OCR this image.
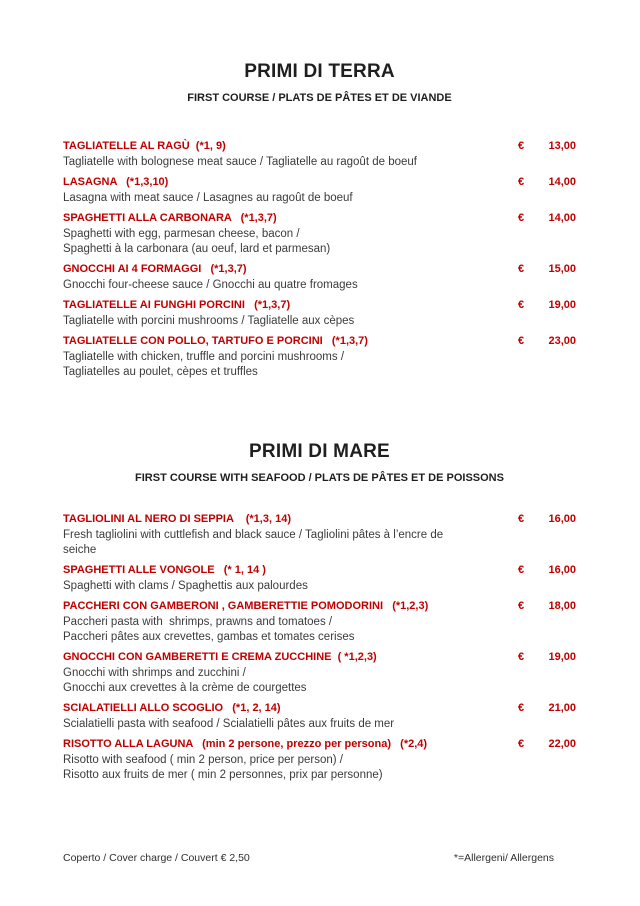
PRIMI DI TERRA
FIRST COURSE / PLATS DE PÂTES ET DE VIANDE
TAGLIATELLE AL RAGÙ  (*1, 9)	€ 13,00
Tagliatelle with bolognese meat sauce / Tagliatelle au ragoût de boeuf
LASAGNA   (*1,3,10)	€ 14,00
Lasagna with meat sauce / Lasagnes au ragoût de boeuf
SPAGHETTI ALLA CARBONARA   (*1,3,7)	€ 14,00
Spaghetti with egg, parmesan cheese, bacon /
Spaghetti à la carbonara (au oeuf, lard et parmesan)
GNOCCHI AI 4 FORMAGGI   (*1,3,7)	€ 15,00
Gnocchi four-cheese sauce / Gnocchi au quatre fromages
TAGLIATELLE AI FUNGHI PORCINI   (*1,3,7)	€ 19,00
Tagliatelle with porcini mushrooms / Tagliatelle aux cèpes
TAGLIATELLE CON POLLO, TARTUFO E PORCINI   (*1,3,7)	€ 23,00
Tagliatelle with chicken, truffle and porcini mushrooms /
Tagliatelles au poulet, cèpes et truffles
PRIMI DI MARE
FIRST COURSE WITH SEAFOOD / PLATS DE PÂTES ET DE POISSONS
TAGLIOLINI AL NERO DI SEPPIA    (*1,3, 14)	€ 16,00
Fresh tagliolini with cuttlefish and black sauce / Tagliolini pâtes à l’encre de
seiche
SPAGHETTI ALLE VONGOLE   (* 1, 14 )	€ 16,00
Spaghetti with clams / Spaghettis aux palourdes
PACCHERI CON GAMBERONI , GAMBERETTIE POMODORINI   (*1,2,3)	€ 18,00
Paccheri pasta with  shrimps, prawns and tomatoes /
Paccheri pâtes aux crevettes, gambas et tomates cerises
GNOCCHI CON GAMBERETTI E CREMA ZUCCHINE  ( *1,2,3)	€ 19,00
Gnocchi with shrimps and zucchini /
Gnocchi aux crevettes à la crème de courgettes
SCIALATIELLI ALLO SCOGLIO   (*1, 2, 14)	€ 21,00
Scialatielli pasta with seafood / Scialatielli pâtes aux fruits de mer
RISOTTO ALLA LAGUNA   (min 2 persone, prezzo per persona)   (*2,4)	€ 22,00
Risotto with seafood ( min 2 person, price per person) /
Risotto aux fruits de mer ( min 2 personnes, prix par personne)
Coperto / Cover charge / Couvert € 2,50	*=Allergeni/ Allergens
